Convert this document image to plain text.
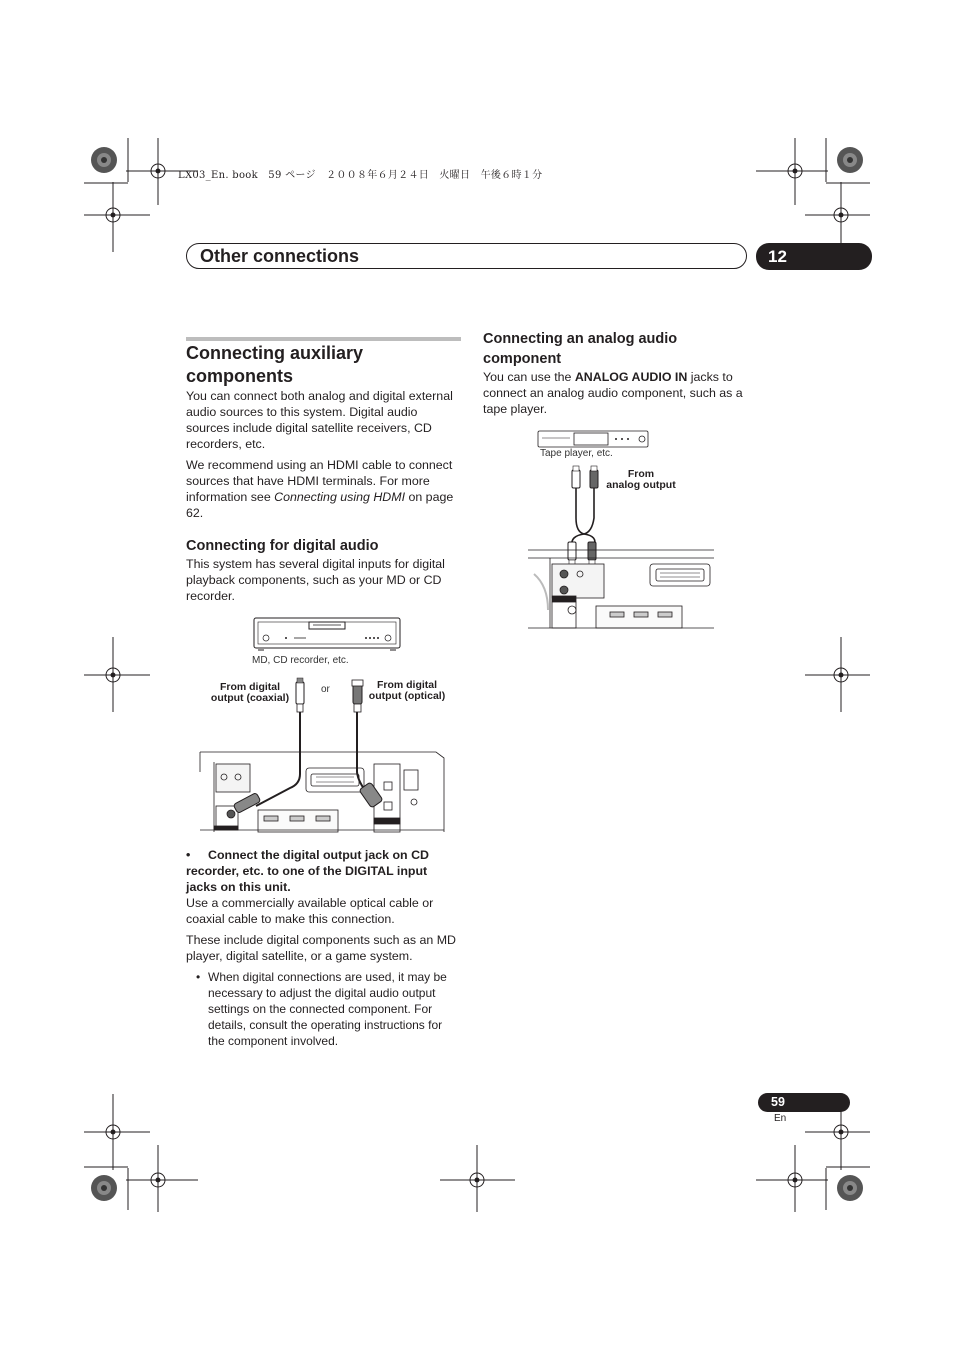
LX03_En. book　59 ページ　２００８年６月２４日　火曜日　午後６時１分
Other connections	12
Connecting auxiliary components

You can connect both analog and digital external audio sources to this system. Digital audio sources include digital satellite receivers, CD recorders, etc.

We recommend using an HDMI cable to connect sources that have HDMI terminals. For more information see Connecting using HDMI on page 62.

Connecting for digital audio

This system has several digital inputs for digital playback components, such as your MD or CD recorder.

MD, CD recorder, etc.
From digital
output (coaxial)
or	From digital
output (optical)
•	Connect the digital output jack on CD recorder, etc. to one of the DIGITAL input jacks on this unit.

Use a commercially available optical cable or coaxial cable to make this connection.

These include digital components such as an MD player, digital satellite, or a game system.

• When digital connections are used, it may be necessary to adjust the digital audio output settings on the connected component. For details, consult the operating instructions for the component involved.

Connecting an analog audio component

You can use the ANALOG AUDIO IN jacks to connect an analog audio component, such as a tape player.

Tape player, etc.
From
analog output
59
En
